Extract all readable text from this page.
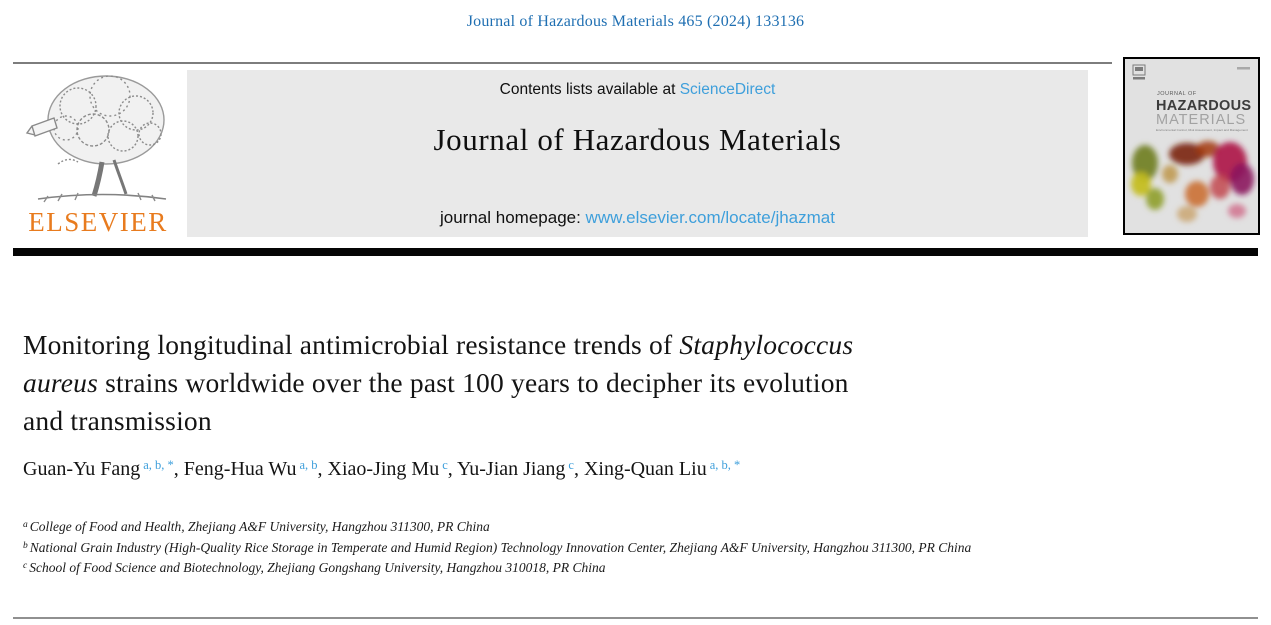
Journal of Hazardous Materials 465 (2024) 133136
ELSEVIER
Contents lists available at ScienceDirect
Journal of Hazardous Materials
journal homepage: www.elsevier.com/locate/jhazmat
JOURNAL OF
HAZARDOUS
MATERIALS
Environmental Control, Risk Assessment, Impact and Management
Monitoring longitudinal antimicrobial resistance trends of Staphylococcus
aureus strains worldwide over the past 100 years to decipher its evolution
and transmission
Guan-Yu Fang $^{a, b, *}$, Feng-Hua Wu $^{a, b}$, Xiao-Jing Mu $^c$, Yu-Jian Jiang $^c$, Xing-Quan Liu $^{a, b, *}$
$^a$ College of Food and Health, Zhejiang A&F University, Hangzhou 311300, PR China
$^b$ National Grain Industry (High-Quality Rice Storage in Temperate and Humid Region) Technology Innovation Center, Zhejiang A&F University, Hangzhou 311300, PR China
$^c$ School of Food Science and Biotechnology, Zhejiang Gongshang University, Hangzhou 310018, PR China
